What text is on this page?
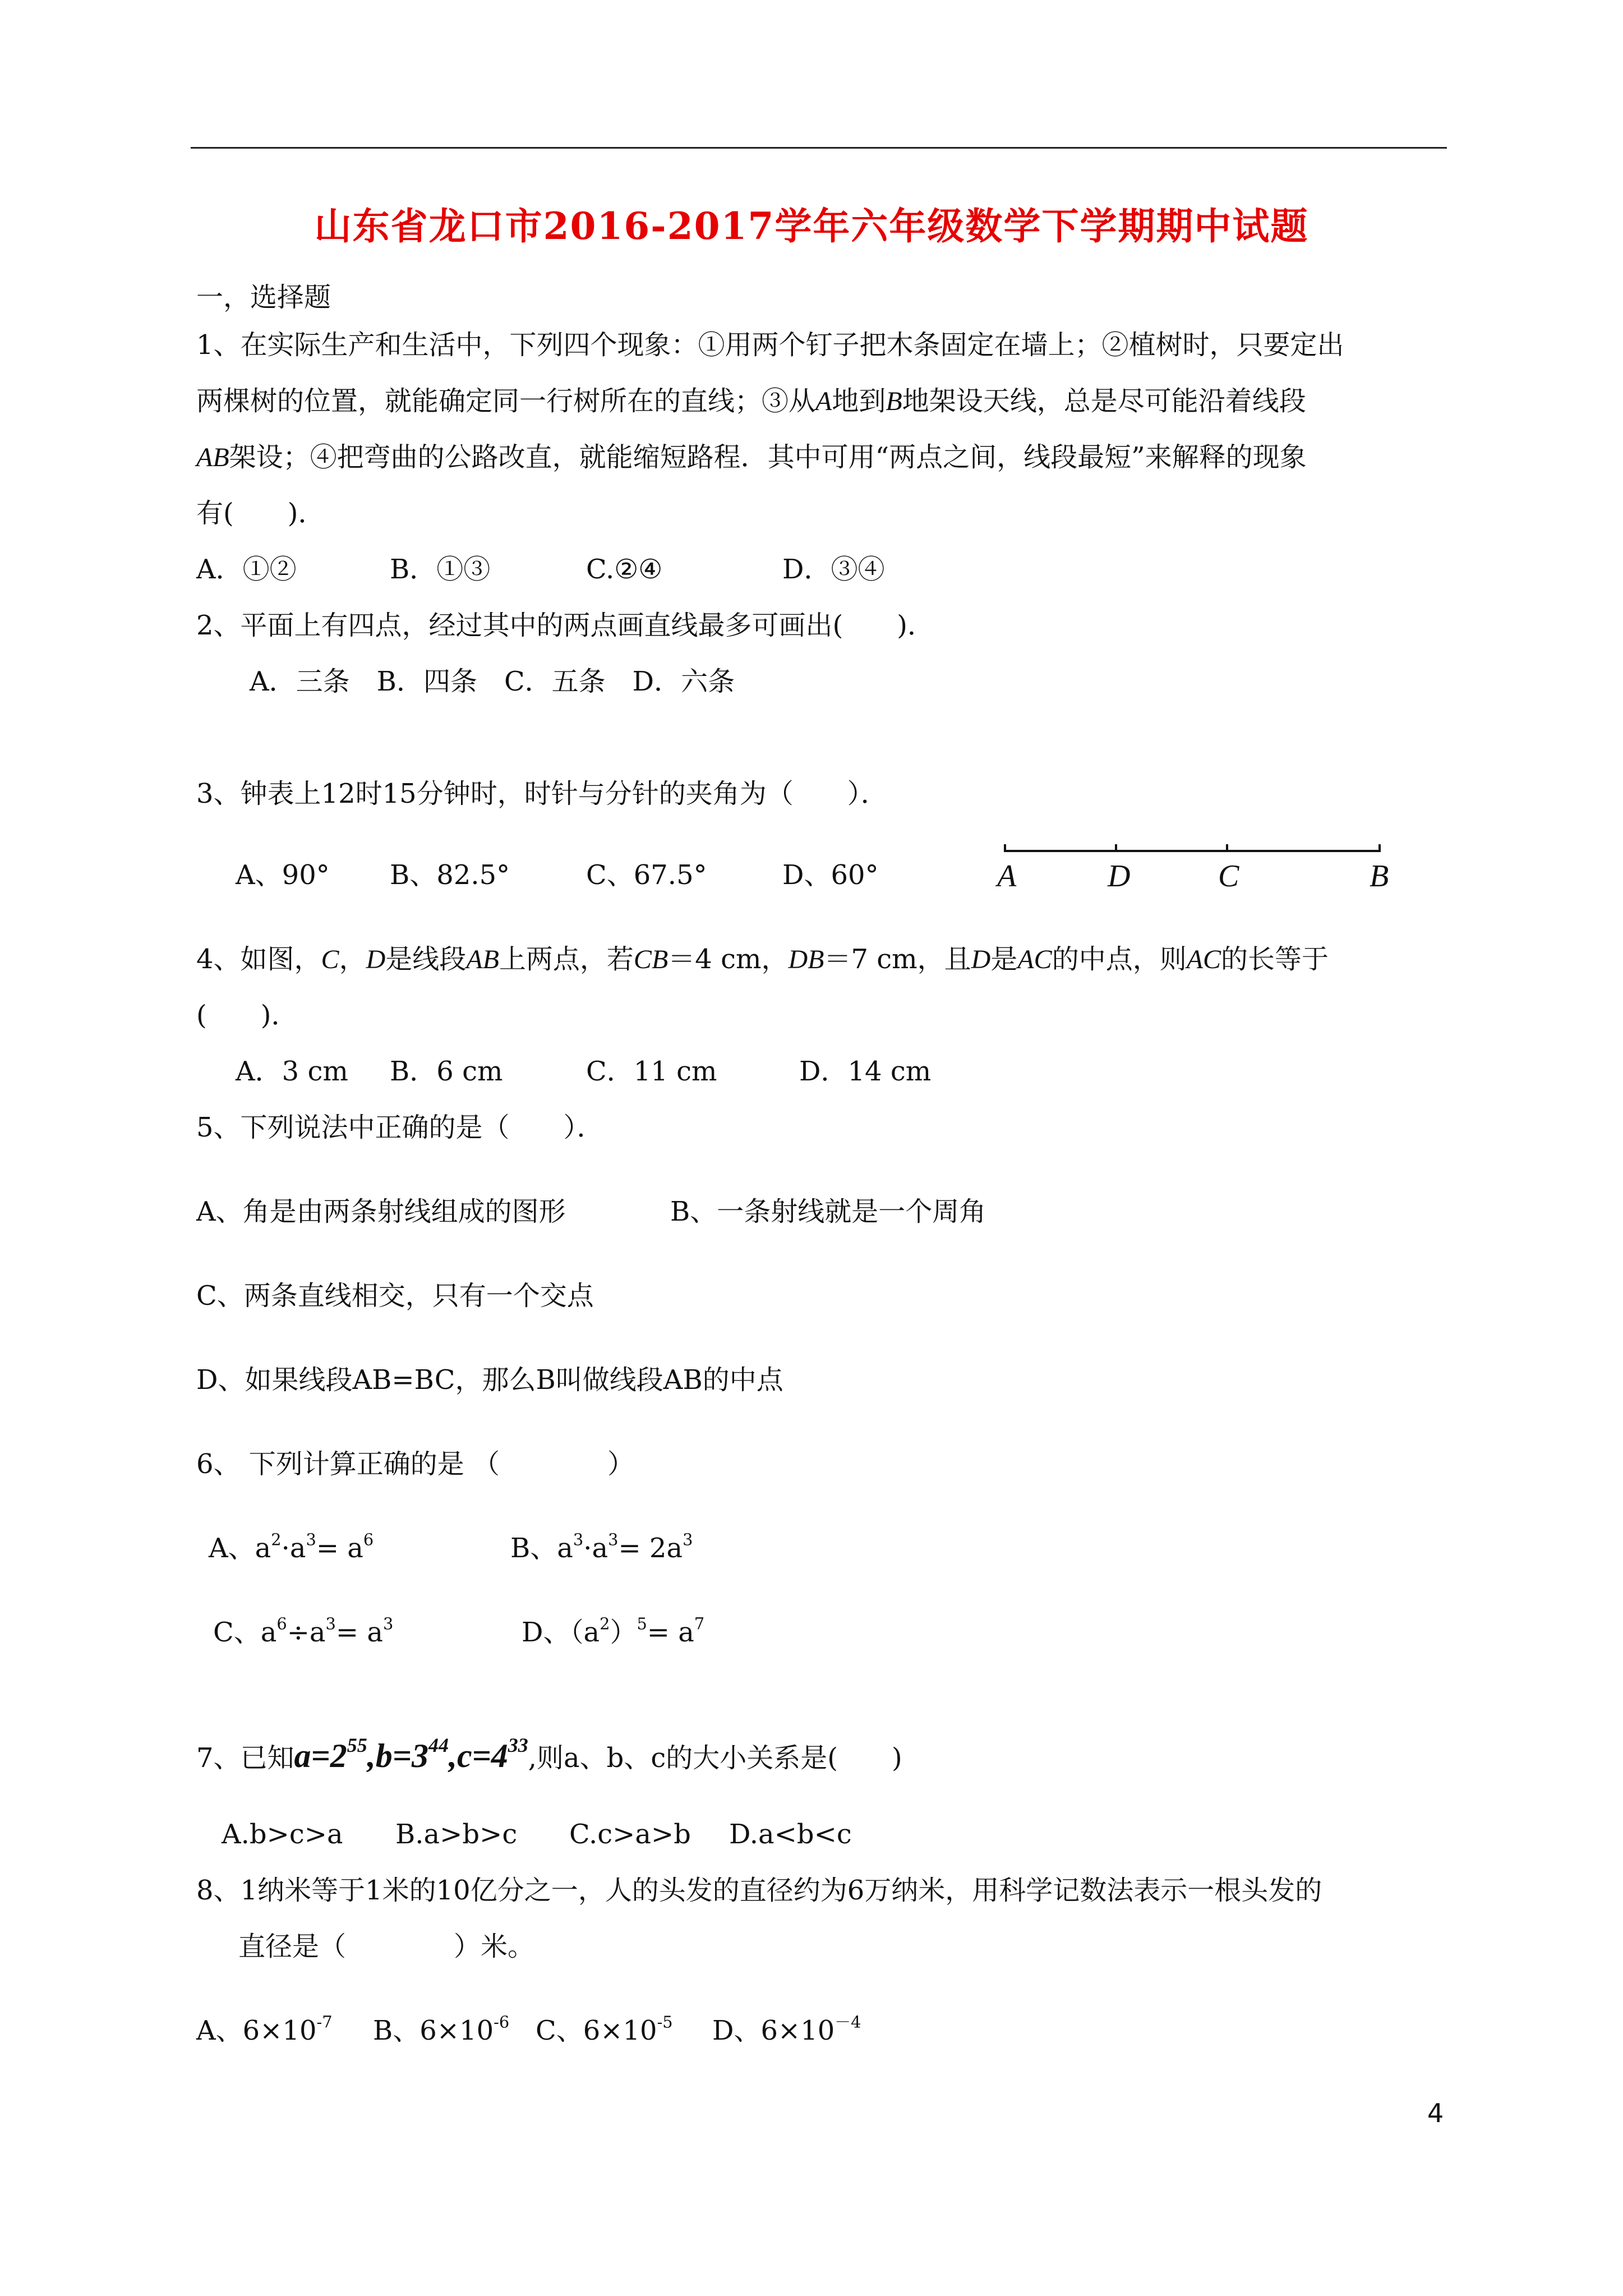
山东省龙口市2016-2017学年六年级数学下学期期中试题
一，选择题
1、在实际生产和生活中，下列四个现象：①用两个钉子把木条固定在墙上；②植树时，只要定出
两棵树的位置，就能确定同一行树所在的直线；③从A地到B地架设天线，总是尽可能沿着线段
AB架设；④把弯曲的公路改直，就能缩短路程．其中可用“两点之间，线段最短”来解释的现象
有(　　)．
A．①②	B．①③	C.②④	D．③④
2、平面上有四点，经过其中的两点画直线最多可画出(　　)．
A．三条　B．四条　C．五条　D．六条
3、钟表上12时15分钟时，时针与分针的夹角为（　　）．
A、90° B、82.5°	C、67.5°	D、60°	A	D	C	B
4、如图，C，D是线段AB上两点，若CB＝4 cm，DB＝7 cm，且D是AC的中点，则AC的长等于
(　　)．
A．3 cm B．6 cm	C．11 cm	D．14 cm
5、下列说法中正确的是（　　）．
A、角是由两条射线组成的图形	B、一条射线就是一个周角
C、两条直线相交，只有一个交点
D、如果线段AB=BC，那么B叫做线段AB的中点
6、 下列计算正确的是 （　　　　）
A、$a^2\cdot a^3= a^6$	B、$a^3\cdot a^3= 2a^3$
C、$a^6\div a^3= a^3$	D、$(a^2)^5= a^7$
7、已知$a=2^{55},b=3^{44},c=4^{33}$,则a、b、c的大小关系是(　　)
A.b>c>a B.a>b>c C.c>a>b D.a<b<c
8、1纳米等于1米的10亿分之一，人的头发的直径约为6万纳米，用科学记数法表示一根头发的
直径是（　　　　）米。
A、$6\times 10^{-7}$ B、$6\times 10^{-6}$ C、$6\times 10^{-5}$ D、$6\times 10^{-4}$
4
